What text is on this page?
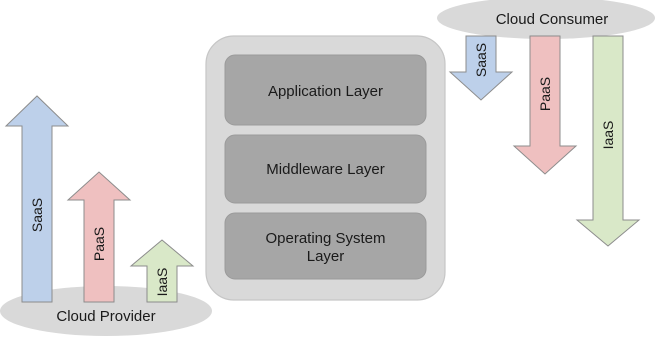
Application Layer
Middleware Layer
Operating System
Layer
SaaS
PaaS
IaaS
Cloud Provider
SaaS
PaaS
IaaS
Cloud Consumer
